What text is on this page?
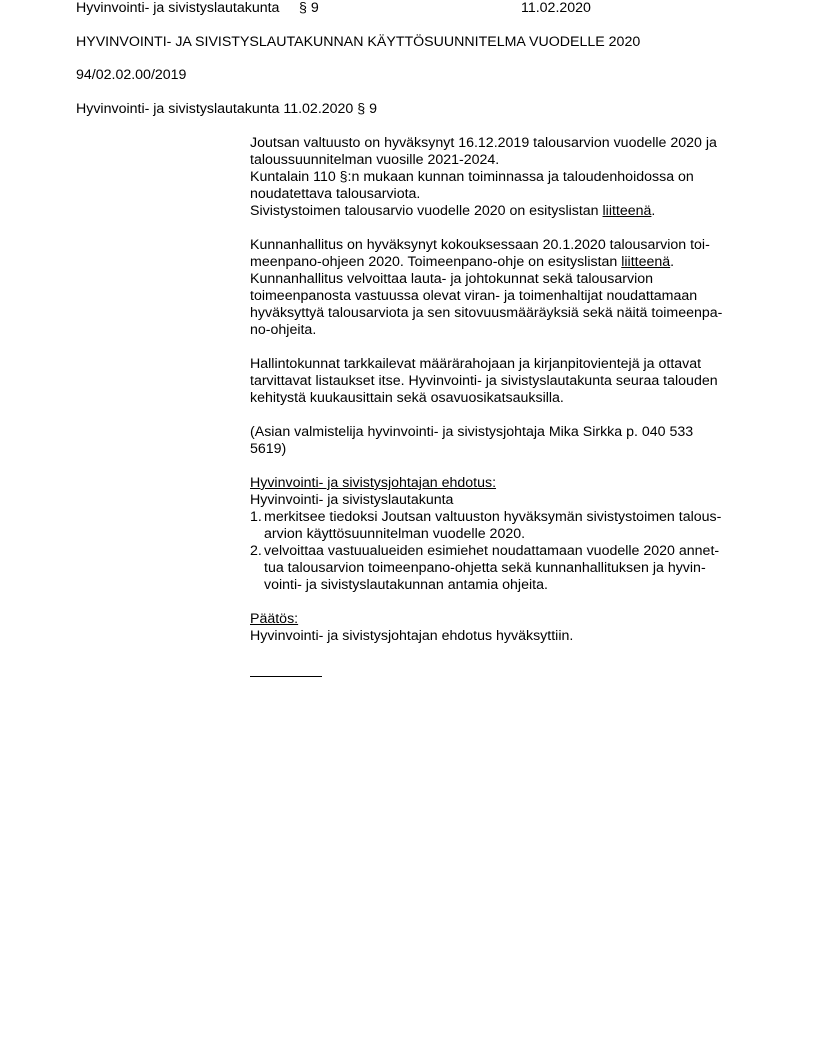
Hyvinvointi- ja sivistyslautakunta § 9	11.02.2020
HYVINVOINTI- JA SIVISTYSLAUTAKUNNAN KÄYTTÖSUUNNITELMA VUODELLE 2020
94/02.02.00/2019
Hyvinvointi- ja sivistyslautakunta 11.02.2020 § 9
Joutsan valtuusto on hyväksynyt 16.12.2019 talousarvion vuodelle 2020 ja
taloussuunnitelman vuosille 2021-2024.
Kuntalain 110 §:n mukaan kunnan toiminnassa ja taloudenhoidossa on
noudatettava talousarviota.
Sivistystoimen talousarvio vuodelle 2020 on esityslistan liitteenä.
Kunnanhallitus on hyväksynyt kokouksessaan 20.1.2020 talousarvion toi-
meenpano-ohjeen 2020. Toimeenpano-ohje on esityslistan liitteenä.
Kunnanhallitus velvoittaa lauta- ja johtokunnat sekä talousarvion
toimeenpanosta vastuussa olevat viran- ja toimenhaltijat noudattamaan
hyväksyttyä talousarviota ja sen sitovuusmääräyksiä sekä näitä toimeenpa-
no-ohjeita.
Hallintokunnat tarkkailevat määrärahojaan ja kirjanpitovientejä ja ottavat
tarvittavat listaukset itse. Hyvinvointi- ja sivistyslautakunta seuraa talouden
kehitystä kuukausittain sekä osavuosikatsauksilla.
(Asian valmistelija hyvinvointi- ja sivistysjohtaja Mika Sirkka p. 040 533
5619)
Hyvinvointi- ja sivistysjohtajan ehdotus:
Hyvinvointi- ja sivistyslautakunta
1. merkitsee tiedoksi Joutsan valtuuston hyväksymän sivistystoimen talous-
arvion käyttösuunnitelman vuodelle 2020.
2. velvoittaa vastuualueiden esimiehet noudattamaan vuodelle 2020 annet-
tua talousarvion toimeenpano-ohjetta sekä kunnanhallituksen ja hyvin-
vointi- ja sivistyslautakunnan antamia ohjeita.
Päätös:
Hyvinvointi- ja sivistysjohtajan ehdotus hyväksyttiin.
